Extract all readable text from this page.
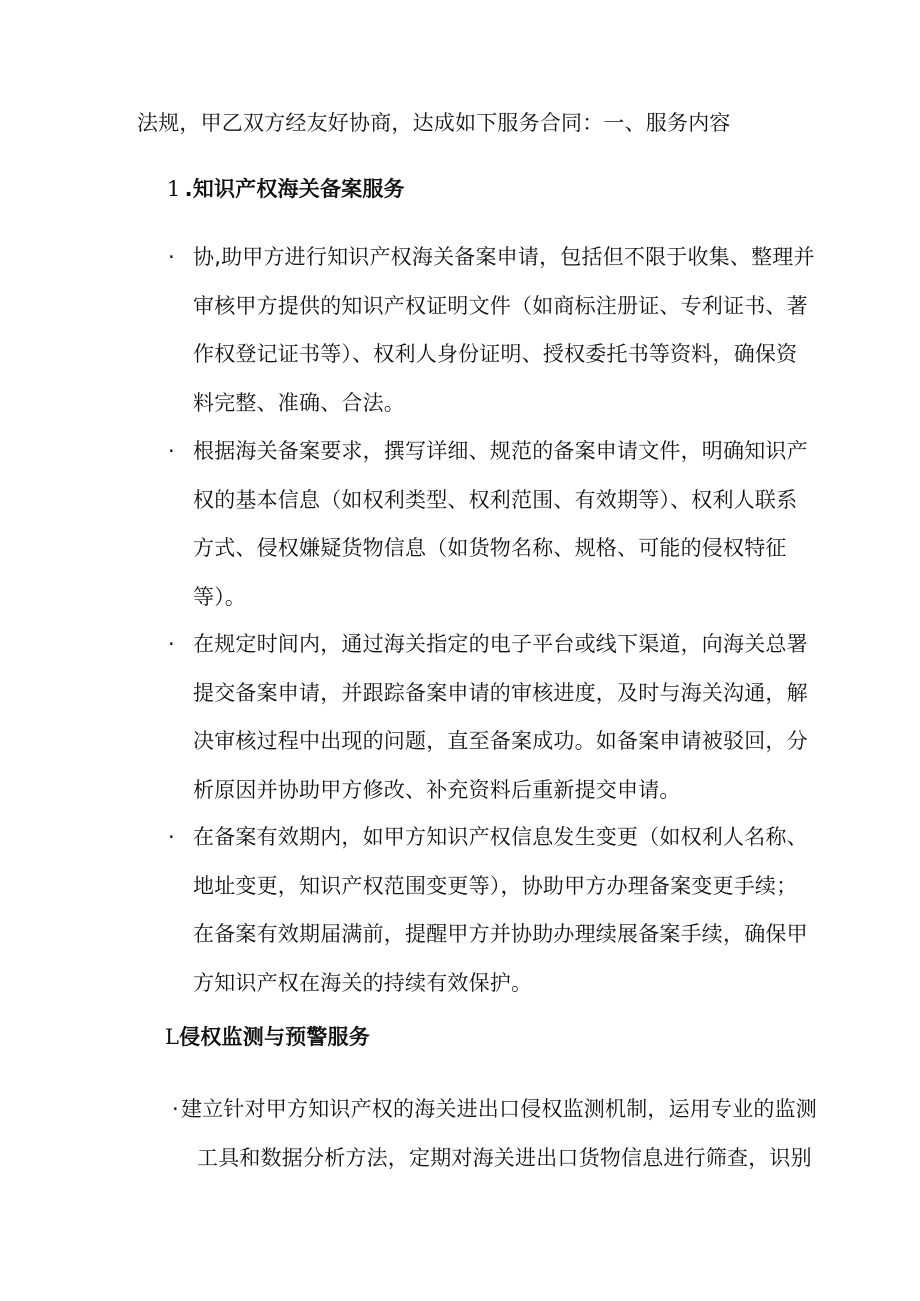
法规，甲乙双方经友好协商，达成如下服务合同：一、服务内容
1 .知识产权海关备案服务
· 协,助甲方进行知识产权海关备案申请，包括但不限于收集、整理并
审核甲方提供的知识产权证明文件（如商标注册证、专利证书、著
作权登记证书等）、权利人身份证明、授权委托书等资料，确保资
料完整、准确、合法。
· 根据海关备案要求，撰写详细、规范的备案申请文件，明确知识产
权的基本信息（如权利类型、权利范围、有效期等）、权利人联系
方式、侵权嫌疑货物信息（如货物名称、规格、可能的侵权特征
等）。
· 在规定时间内，通过海关指定的电子平台或线下渠道，向海关总署
提交备案申请，并跟踪备案申请的审核进度，及时与海关沟通，解
决审核过程中出现的问题，直至备案成功。如备案申请被驳回，分
析原因并协助甲方修改、补充资料后重新提交申请。
· 在备案有效期内，如甲方知识产权信息发生变更（如权利人名称、
地址变更，知识产权范围变更等），协助甲方办理备案变更手续；
在备案有效期届满前，提醒甲方并协助办理续展备案手续，确保甲
方知识产权在海关的持续有效保护。
L侵权监测与预警服务
· 建立针对甲方知识产权的海关进出口侵权监测机制，运用专业的监测
工具和数据分析方法，定期对海关进出口货物信息进行筛查，识别
